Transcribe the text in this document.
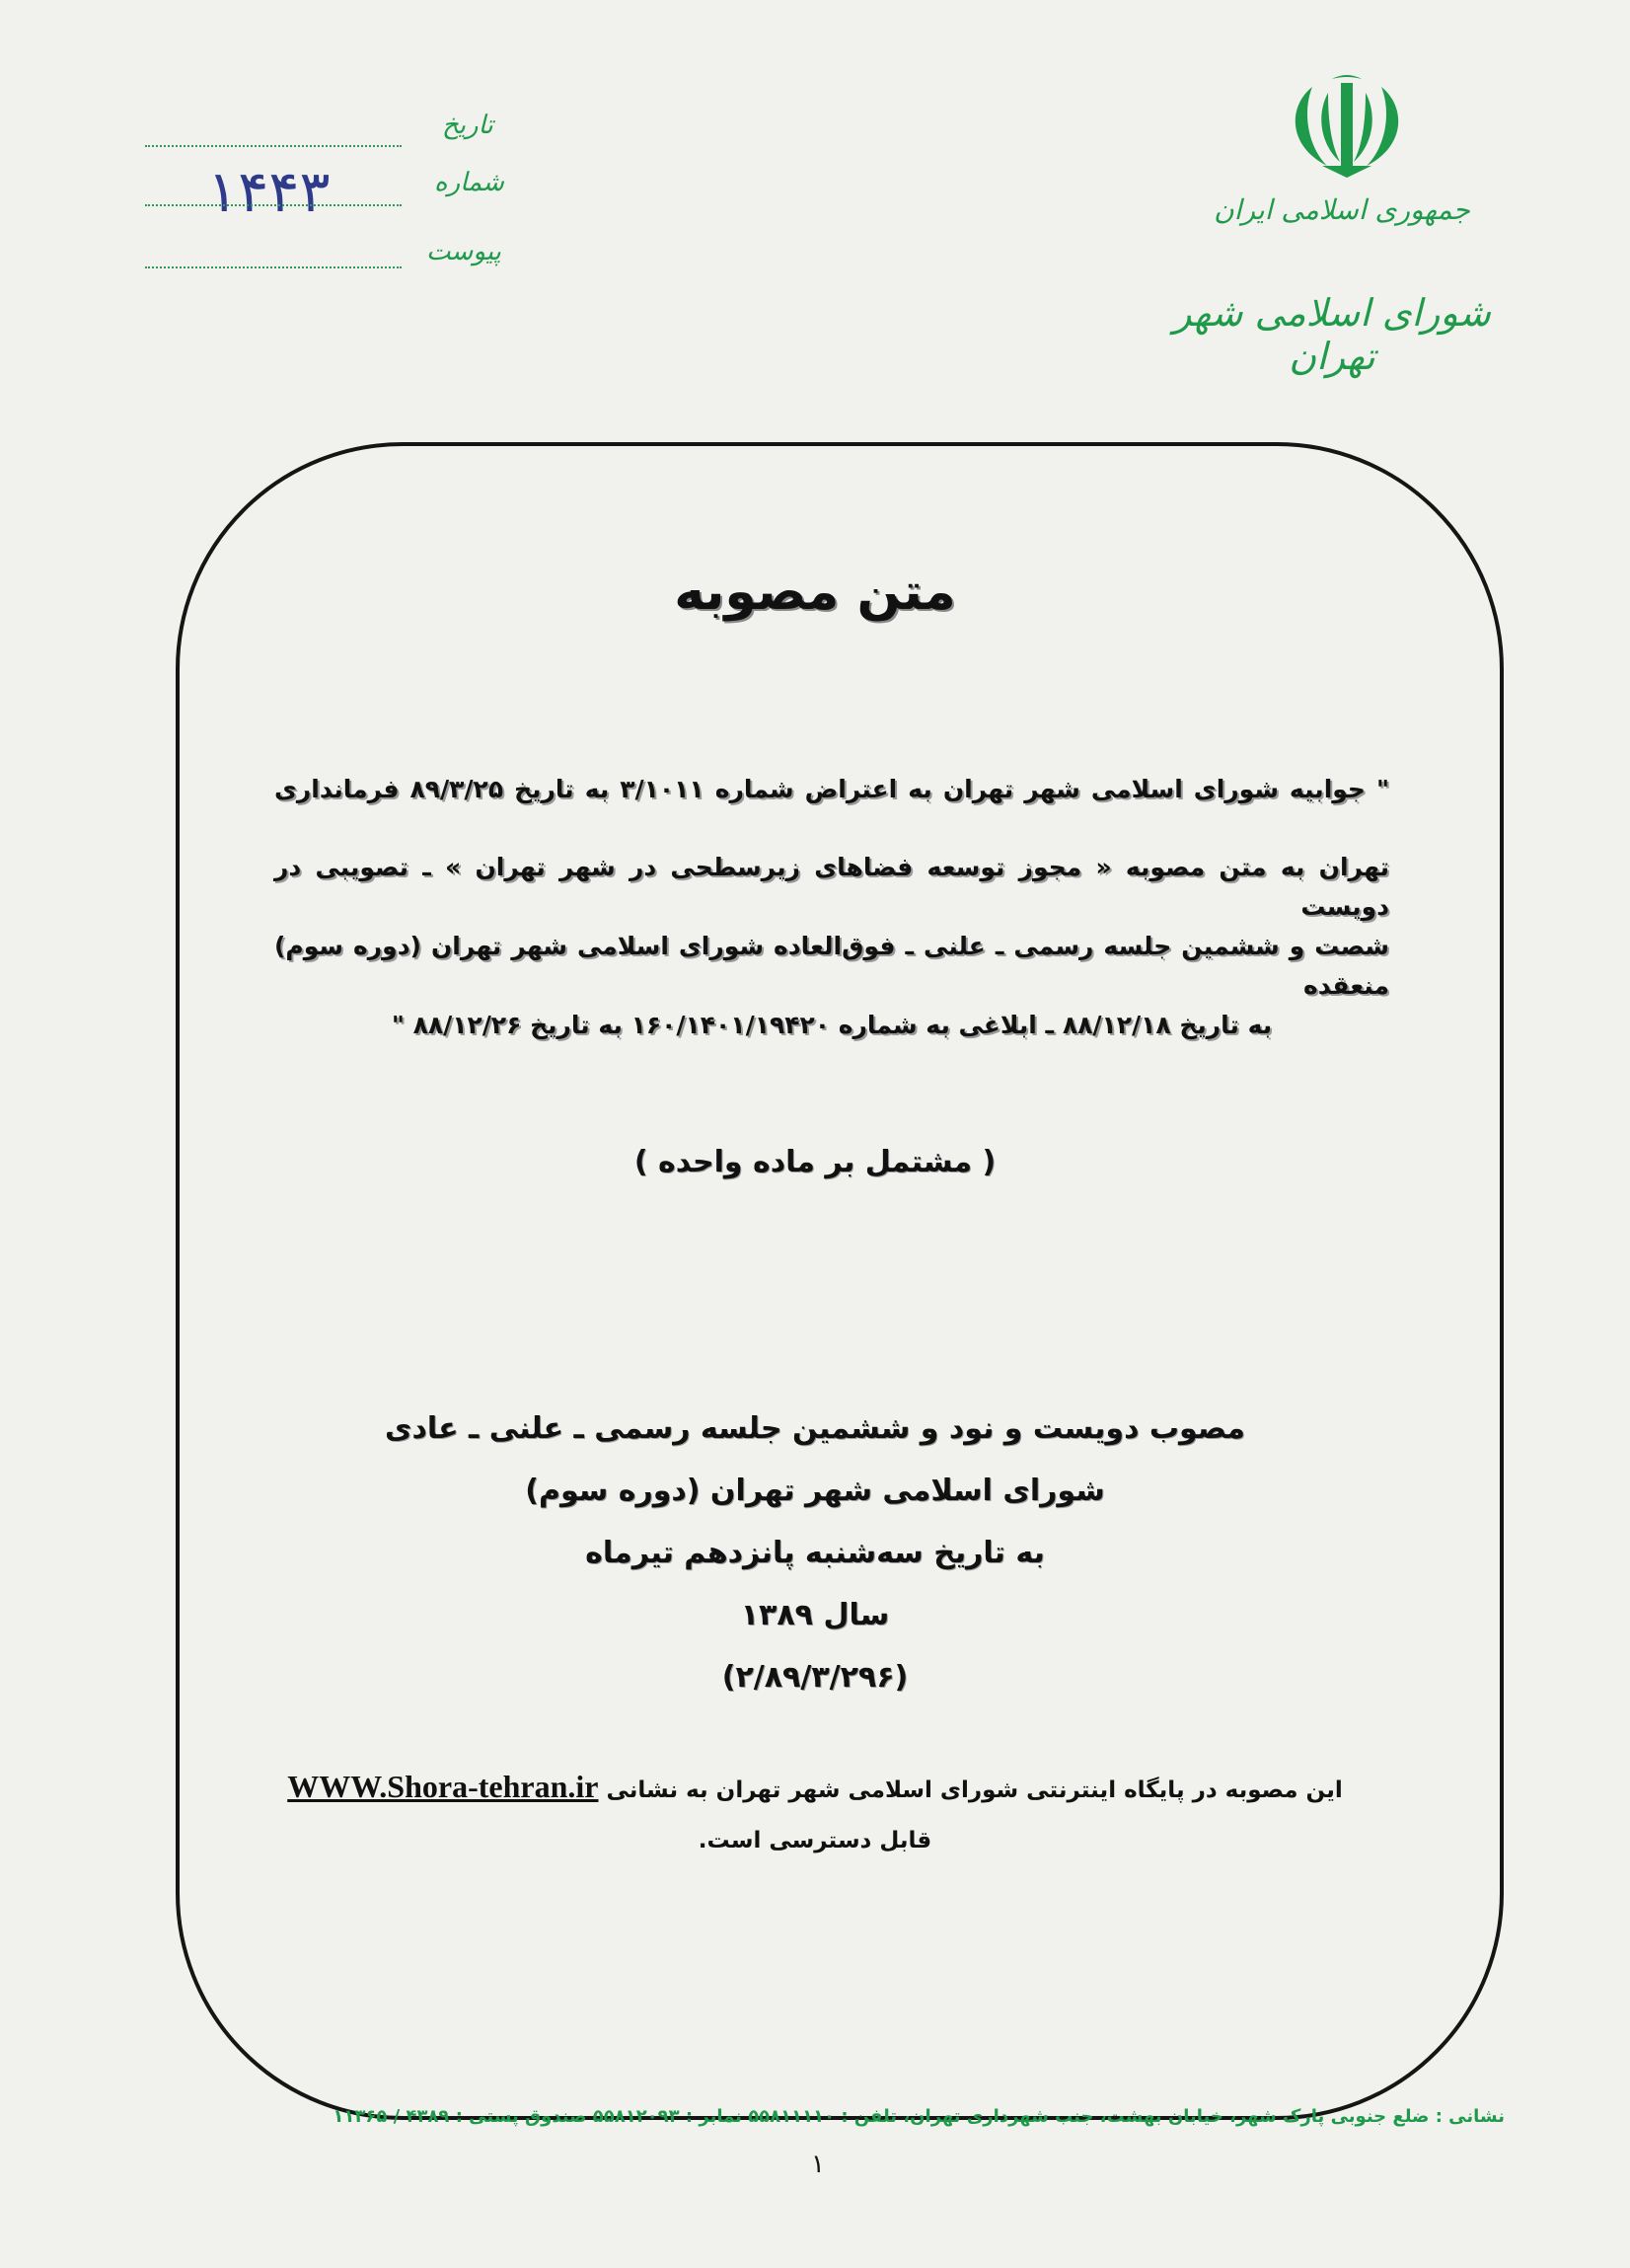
تاریخ
شماره
١۴۴٣
پیوست
جمهوری اسلامی ایران
شورای اسلامی شهر تهران
متن مصوبه
" جوابیه شورای اسلامی شهر تهران به اعتراض شماره ٣/١٠١١ به تاریخ ٨٩/٣/٢۵ فرمانداری
تهران به متن مصوبه « مجوز توسعه فضاهای زیرسطحی در شهر تهران » ـ تصویبی در دویست
شصت و ششمین جلسه رسمی ـ علنی ـ فوق‌العاده شورای اسلامی شهر تهران (دوره سوم) منعقده
به تاریخ ٨٨/١٢/١٨ ـ ابلاغی به شماره ١۶٠/١۴٠١/١٩۴٢٠ به تاریخ ٨٨/١٢/٢۶ "
( مشتمل بر ماده واحده )
مصوب دویست و نود و ششمین جلسه رسمی ـ علنی ـ عادی
شورای اسلامی شهر تهران (دوره سوم)
به تاریخ سه‌شنبه پانزدهم تیرماه
سال ١٣٨٩
(٨٩/٣/٢٩۶/٢)
این مصوبه در پایگاه اینترنتی شورای اسلامی شهر تهران به نشانی WWW.Shora-tehran.ir
قابل دسترسی است.
نشانی : ضلع جنوبی پارک شهر، خیابان بهشت، جنب شهرداری تهران، تلفن : ۵۵۸۱۱۱۱٠ نمابر : ۵۵۸۱٢٠٩٣ صندوق پستی : ۴٣٨٩ / ١١٣۶۵
١
